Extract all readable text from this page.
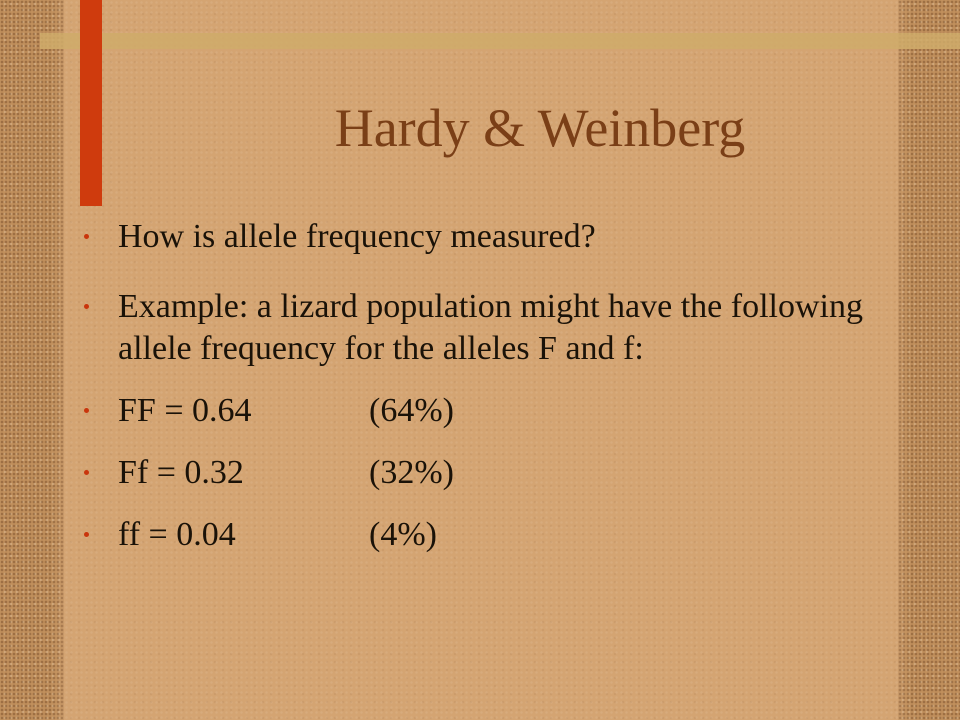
Hardy & Weinberg
How is allele frequency measured?
Example: a lizard population might have the following allele frequency for the alleles F and f:
FF = 0.64	(64%)
Ff = 0.32	(32%)
ff = 0.04	(4%)
